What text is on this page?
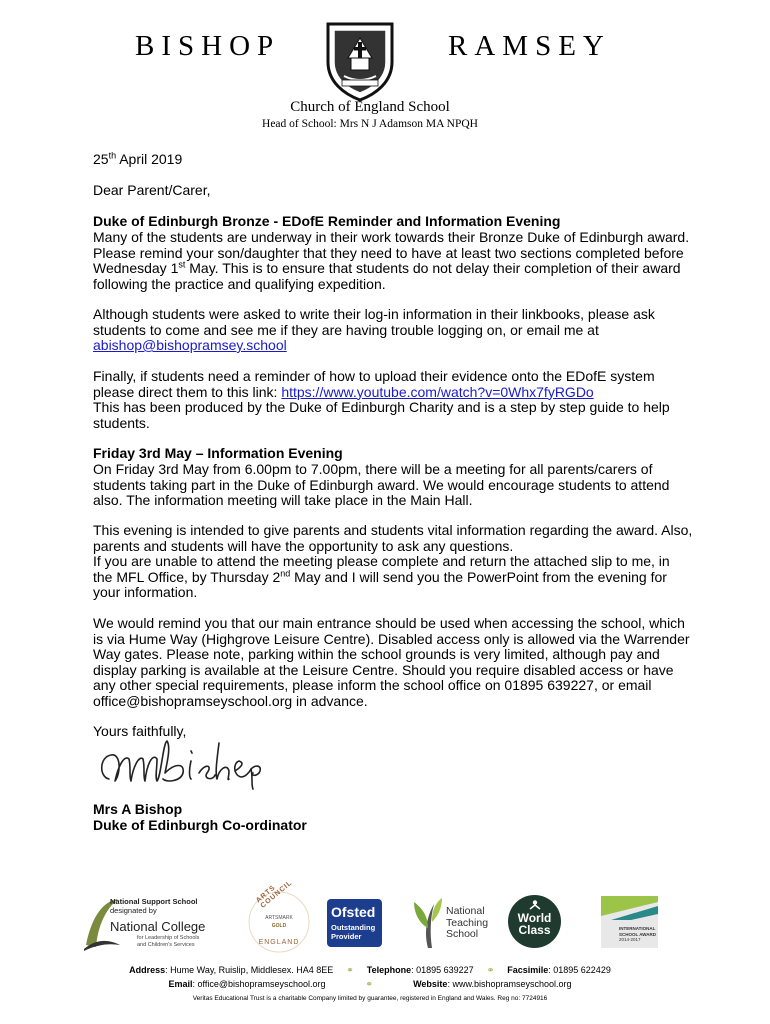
BISHOP	RAMSEY
Church of England School
Head of School: Mrs N J Adamson MA NPQH
25th April 2019
Dear Parent/Carer,
Duke of Edinburgh Bronze - EDofE Reminder and Information Evening
Many of the students are underway in their work towards their Bronze Duke of Edinburgh award. Please remind your son/daughter that they need to have at least two sections completed before Wednesday 1st May. This is to ensure that students do not delay their completion of their award following the practice and qualifying expedition.
Although students were asked to write their log-in information in their linkbooks, please ask students to come and see me if they are having trouble logging on, or email me at
abishop@bishopramsey.school
Finally, if students need a reminder of how to upload their evidence onto the EDofE system please direct them to this link: https://www.youtube.com/watch?v=0Whx7fyRGDo
This has been produced by the Duke of Edinburgh Charity and is a step by step guide to help students.
Friday 3rd May – Information Evening
On Friday 3rd May from 6.00pm to 7.00pm, there will be a meeting for all parents/carers of students taking part in the Duke of Edinburgh award. We would encourage students to attend also. The information meeting will take place in the Main Hall.
This evening is intended to give parents and students vital information regarding the award. Also, parents and students will have the opportunity to ask any questions.
If you are unable to attend the meeting please complete and return the attached slip to me, in the MFL Office, by Thursday 2nd May and I will send you the PowerPoint from the evening for your information.
We would remind you that our main entrance should be used when accessing the school, which is via Hume Way (Highgrove Leisure Centre). Disabled access only is allowed via the Warrender Way gates. Please note, parking within the school grounds is very limited, although pay and display parking is available at the Leisure Centre. Should you require disabled access or have any other special requirements, please inform the school office on 01895 639227, or email office@bishopramseyschool.org in advance.
Yours faithfully,
Mrs A Bishop
Duke of Edinburgh Co-ordinator
National Support School
designated by
National College
for Leadership of Schools
and Children's Services
ARTS COUNCIL
ARTSMARK
GOLD
ENGLAND
Ofsted
Outstanding
Provider
National
Teaching
School
World
Class	INTERNATIONAL
SCHOOL AWARD
2014-2017
Address: Hume Way, Ruislip, Middlesex. HA4 8EE ⚭ Telephone: 01895 639227 ⚭ Facsimile: 01895 622429
Email: office@bishopramseyschool.org	⚭	Website: www.bishopramseyschool.org
Veritas Educational Trust is a charitable Company limited by guarantee, registered in England and Wales. Reg no: 7724916
